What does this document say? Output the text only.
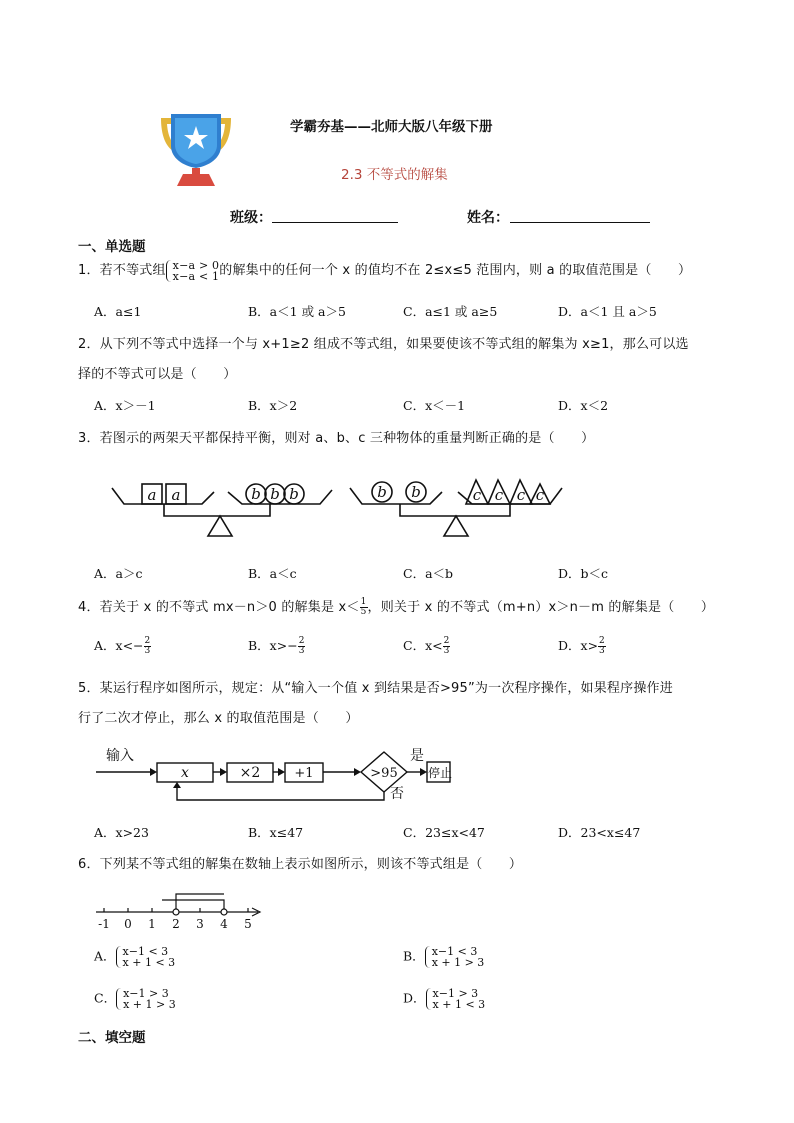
学霸夯基——北师大版八年级下册
2.3 不等式的解集
班级：	姓名：
一、单选题
1．若不等式组 x−a > 0
x−a < 1 的解集中的任何一个 x 的值均不在 2≤x≤5 范围内，则 a 的取值范围是（　　）
A．a≤1	B．a＜1 或 a＞5	C．a≤1 或 a≥5	D．a＜1 且 a＞5
2．从下列不等式中选择一个与 x+1≥2 组成不等式组，如果要使该不等式组的解集为 x≥1，那么可以选
择的不等式可以是（　　）
A．x＞－1	B．x＞2	C．x＜－1	D．x＜2
3．若图示的两架天平都保持平衡，则对 a、b、c 三种物体的重量判断正确的是（　　）
a a	b b b	b b	c c c c
A．a＞c	B．a＜c	C．a＜b	D．b＜c
4．若关于 x 的不等式 mx－n＞0 的解集是 $x< \frac{1}{5}$ ，则关于 x 的不等式（m+n）x＞n－m 的解集是（　　）
A．$x<- \frac{2}{3}$	B．$x>- \frac{2}{3}$	C．$x< \frac{2}{3}$	D．$x> \frac{2}{3}$
5．某运行程序如图所示，规定：从“输入一个值 x 到结果是否>95”为一次程序操作，如果程序操作进
行了二次才停止，那么 x 的取值范围是（　　）
输入
x	×2	+1	>95
是
停止
否
A．x>23	B．x≤47	C．23≤x<47	D．23<x≤47
6．下列某不等式组的解集在数轴上表示如图所示，则该不等式组是（　　）
-1 0 1 2 3 4 5
A． x−1 < 3
x + 1 < 3	B． x−1 < 3
x + 1 > 3
C． x−1 > 3
x + 1 > 3	D． x−1 > 3
x + 1 < 3
二、填空题
